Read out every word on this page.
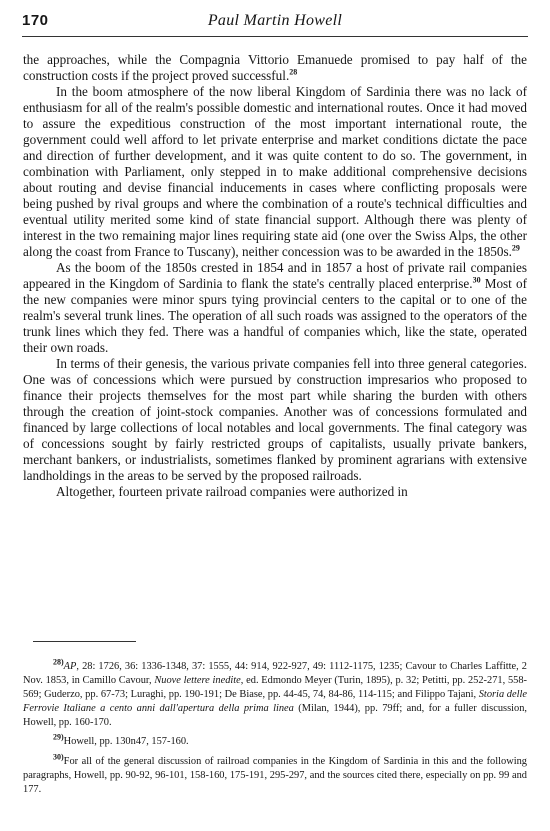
170	Paul Martin Howell

the approaches, while the Compagnia Vittorio Emanuede promised to pay half of the construction costs if the project proved successful.$^{28}$

In the boom atmosphere of the now liberal Kingdom of Sardinia there was no lack of enthusiasm for all of the realm's possible domestic and international routes. Once it had moved to assure the expeditious construction of the most important international route, the government could well afford to let private enterprise and market conditions dictate the pace and direction of further development, and it was quite content to do so. The government, in combination with Parliament, only stepped in to make additional comprehensive decisions about routing and devise financial inducements in cases where conflicting proposals were being pushed by rival groups and where the combination of a route's technical difficulties and eventual utility merited some kind of state financial support. Although there was plenty of interest in the two remaining major lines requiring state aid (one over the Swiss Alps, the other along the coast from France to Tuscany), neither concession was to be awarded in the 1850s.$^{29}$

As the boom of the 1850s crested in 1854 and in 1857 a host of private rail companies appeared in the Kingdom of Sardinia to flank the state's centrally placed enterprise.$^{30}$ Most of the new companies were minor spurs tying provincial centers to the capital or to one of the realm's several trunk lines. The operation of all such roads was assigned to the operators of the trunk lines which they fed. There was a handful of companies which, like the state, operated their own roads.

In terms of their genesis, the various private companies fell into three general categories. One was of concessions which were pursued by construction impresarios who proposed to finance their projects themselves for the most part while sharing the burden with others through the creation of joint-stock companies. Another was of concessions formulated and financed by large collections of local notables and local governments. The final category was of concessions sought by fairly restricted groups of capitalists, usually private bankers, merchant bankers, or industrialists, sometimes flanked by prominent agrarians with extensive landholdings in the areas to be served by the proposed railroads.

Altogether, fourteen private railroad companies were authorized in

$^{28)}$AP, 28: 1726, 36: 1336-1348, 37: 1555, 44: 914, 922-927, 49: 1112-1175, 1235; Cavour to Charles Laffitte, 2 Nov. 1853, in Camillo Cavour, Nuove lettere inedite, ed. Edmondo Meyer (Turin, 1895), p. 32; Petitti, pp. 252-271, 558-569; Guderzo, pp. 67-73; Luraghi, pp. 190-191; De Biase, pp. 44-45, 74, 84-86, 114-115; and Filippo Tajani, Storia delle Ferrovie Italiane a cento anni dall'apertura della prima linea (Milan, 1944), pp. 79ff; and, for a fuller discussion, Howell, pp. 160-170.

$^{29)}$Howell, pp. 130n47, 157-160.

$^{30)}$For all of the general discussion of railroad companies in the Kingdom of Sardinia in this and the following paragraphs, Howell, pp. 90-92, 96-101, 158-160, 175-191, 295-297, and the sources cited there, especially on pp. 99 and 177.
